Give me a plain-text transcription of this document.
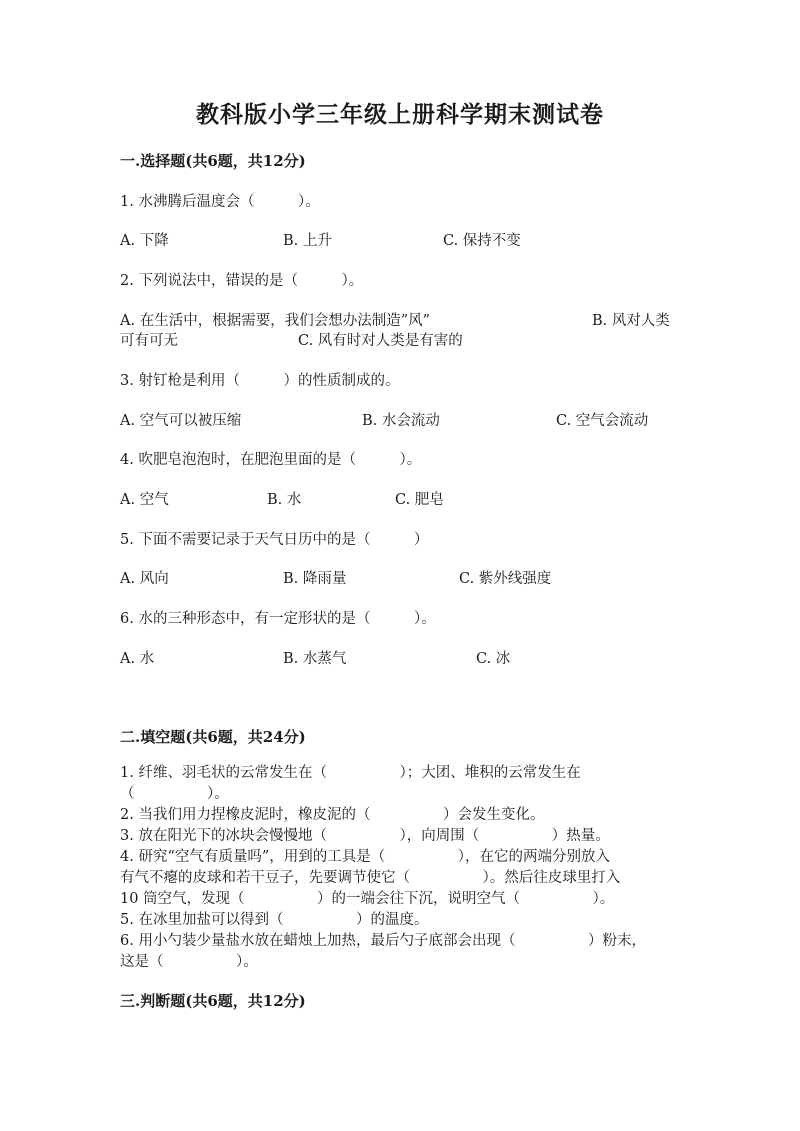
教科版小学三年级上册科学期末测试卷
一.选择题(共6题，共12分)
1. 水沸腾后温度会（　　　）。
A. 下降	B. 上升	C. 保持不变
2. 下列说法中，错误的是（　　　）。
A. 在生活中，根据需要，我们会想办法制造”风”	B. 风对人类
可有可无	C. 风有时对人类是有害的
3. 射钉枪是利用（　　　）的性质制成的。
A. 空气可以被压缩	B. 水会流动	C. 空气会流动
4. 吹肥皂泡泡时，在肥泡里面的是（　　　）。
A. 空气	B. 水	C. 肥皂
5. 下面不需要记录于天气日历中的是（　　　）
A. 风向	B. 降雨量	C. 紫外线强度
6. 水的三种形态中，有一定形状的是（　　　）。
A. 水	B. 水蒸气	C. 冰
二.填空题(共6题，共24分)

1. 纤维、羽毛状的云常发生在（　　　　　）；大团、堆积的云常发生在

（　　　　　）。

2. 当我们用力捏橡皮泥时，橡皮泥的（　　　　　）会发生变化。

3. 放在阳光下的冰块会慢慢地（　　　　　），向周围（　　　　　）热量。

4. 研究“空气有质量吗”，用到的工具是（　　　　　），在它的两端分别放入

有气不瘪的皮球和若干豆子，先要调节使它（　　　　　）。然后往皮球里打入

10 筒空气，发现（　　　　　）的一端会往下沉，说明空气（　　　　　）。

5. 在冰里加盐可以得到（　　　　　）的温度。

6. 用小勺装少量盐水放在蜡烛上加热，最后勺子底部会出现（　　　　　）粉末，

这是（　　　　　）。

三.判断题(共6题，共12分)
